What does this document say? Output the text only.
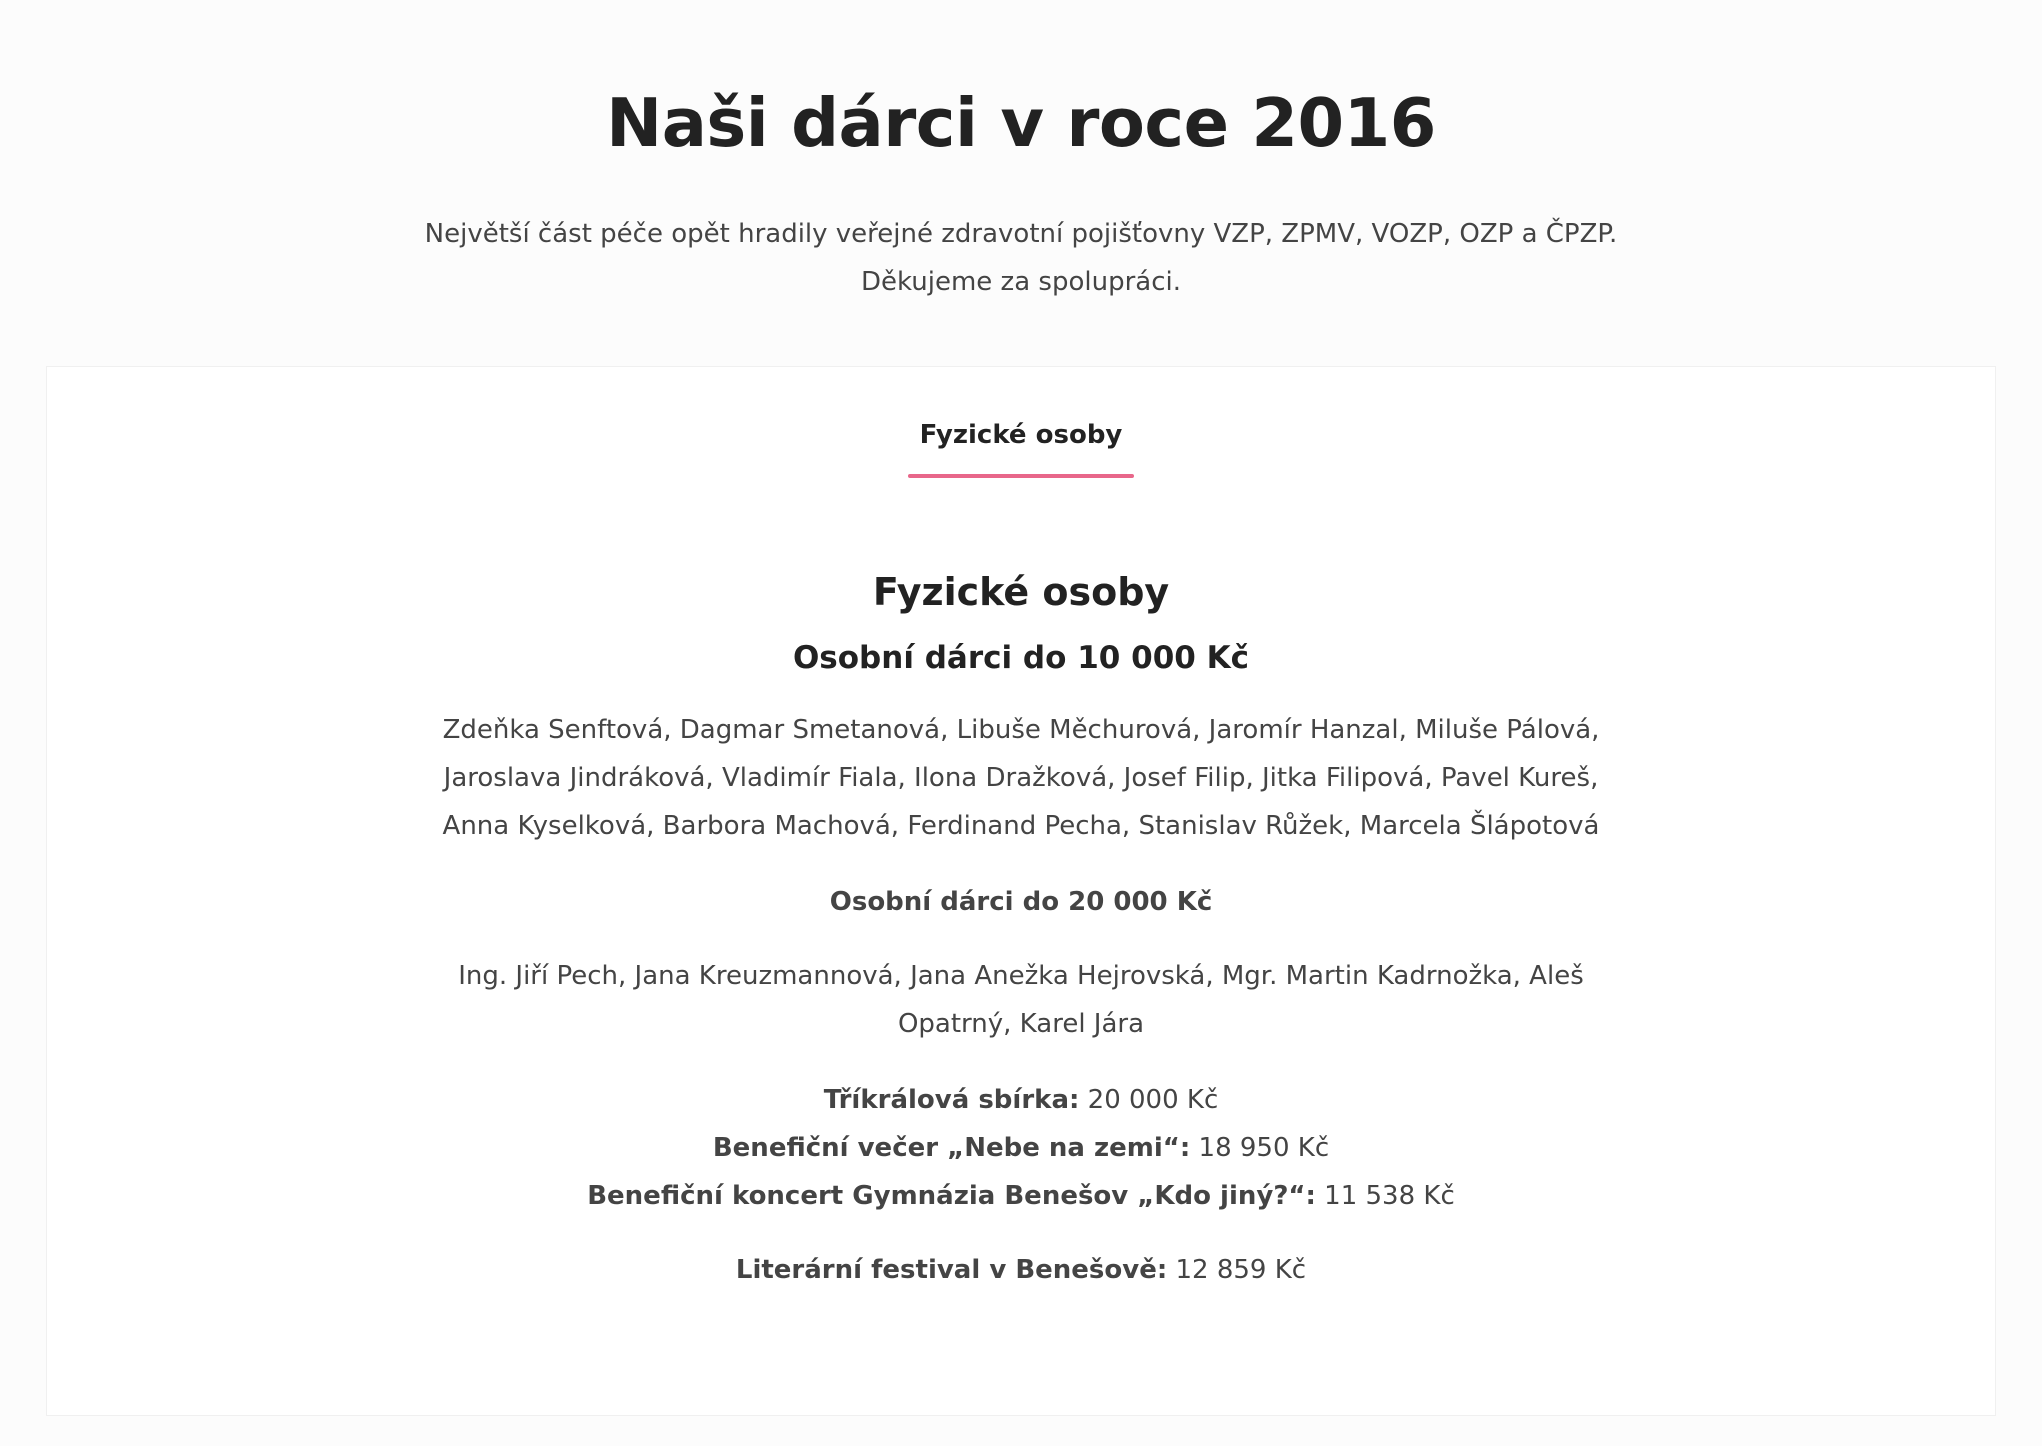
Naši dárci v roce 2016

Největší část péče opět hradily veřejné zdravotní pojišťovny VZP, ZPMV, VOZP, OZP a ČPZP.
Děkujeme za spolupráci.

Fyzické osoby
Fyzické osoby
Osobní dárci do 10 000 Kč

Zdeňka Senftová, Dagmar Smetanová, Libuše Měchurová, Jaromír Hanzal, Miluše Pálová,
Jaroslava Jindráková, Vladimír Fiala, Ilona Dražková, Josef Filip, Jitka Filipová, Pavel Kureš,
Anna Kyselková, Barbora Machová, Ferdinand Pecha, Stanislav Růžek, Marcela Šlápotová

Osobní dárci do 20 000 Kč

Ing. Jiří Pech, Jana Kreuzmannová, Jana Anežka Hejrovská, Mgr. Martin Kadrnožka, Aleš
Opatrný, Karel Jára

Tříkrálová sbírka: 20 000 Kč
Benefiční večer „Nebe na zemi“: 18 950 Kč
Benefiční koncert Gymnázia Benešov „Kdo jiný?“: 11 538 Kč

Literární festival v Benešově: 12 859 Kč
